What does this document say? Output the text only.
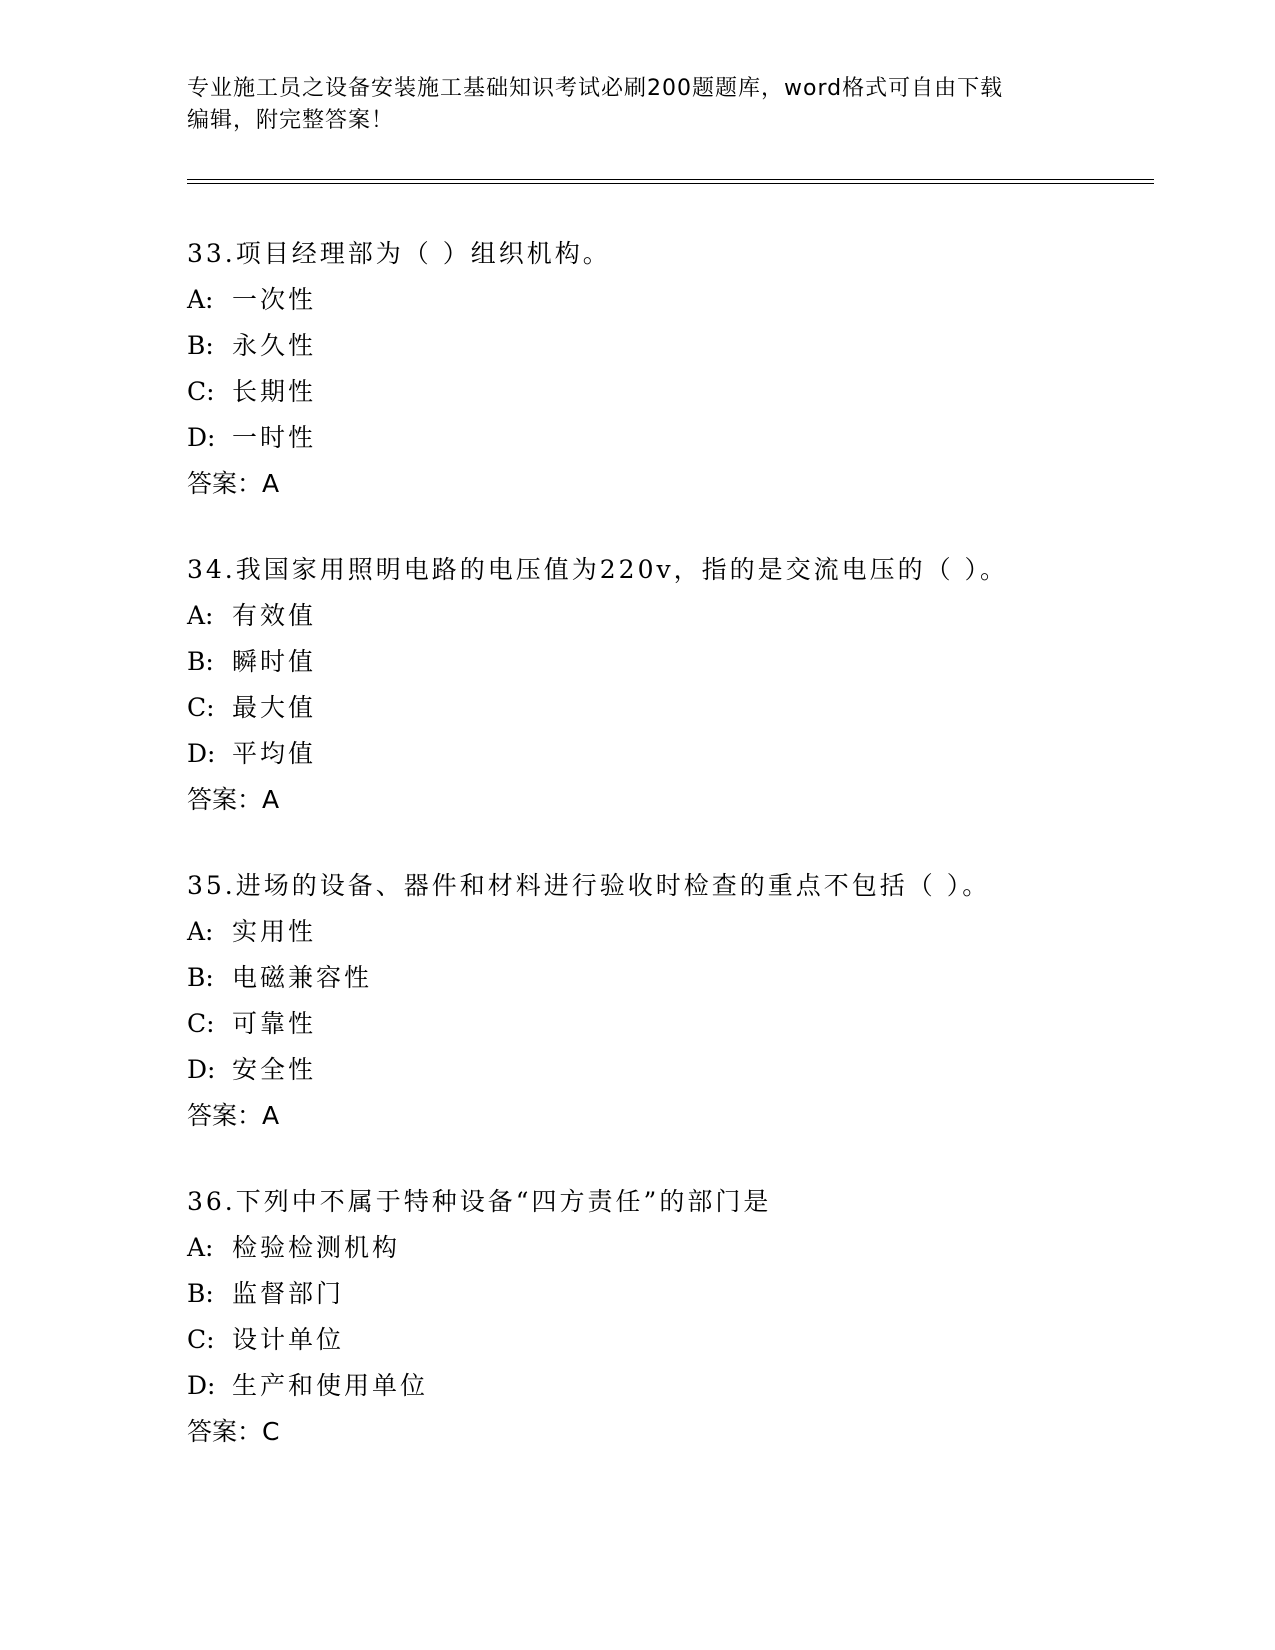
专业施工员之设备安装施工基础知识考试必刷200题题库，word格式可自由下载
编辑，附完整答案！
33.项目经理部为（ ）组织机构。
A: 一次性
B: 永久性
C: 长期性
D: 一时性
答案：A
34.我国家用照明电路的电压值为220v，指的是交流电压的（ ）。
A: 有效值
B: 瞬时值
C: 最大值
D: 平均值
答案：A
35.进场的设备、器件和材料进行验收时检查的重点不包括（ ）。
A: 实用性
B: 电磁兼容性
C: 可靠性
D: 安全性
答案：A
36.下列中不属于特种设备“四方责任”的部门是
A: 检验检测机构
B: 监督部门
C: 设计单位
D: 生产和使用单位
答案：C
